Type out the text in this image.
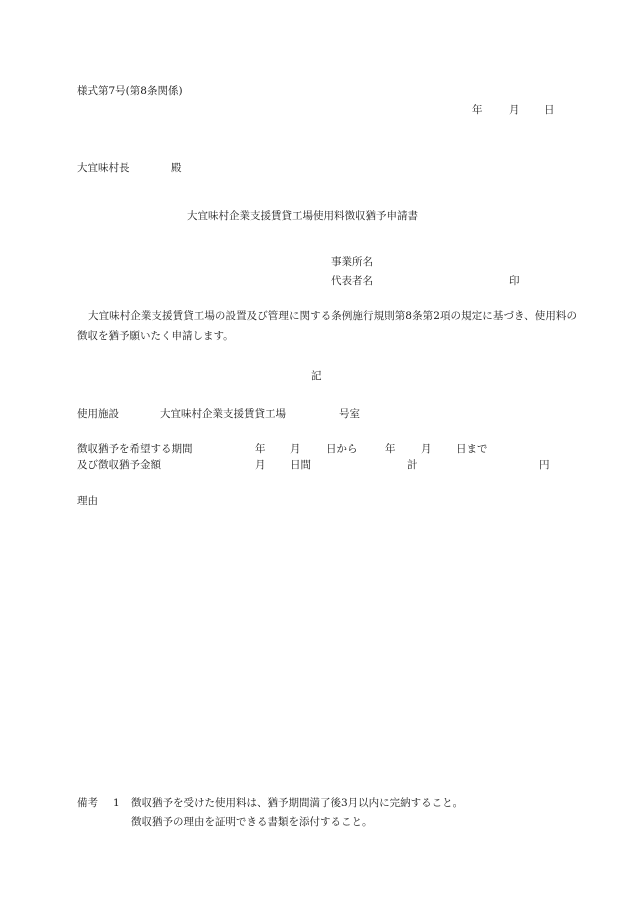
様式第7号(第8条関係)
年	月 日
大宜味村長	殿
大宜味村企業支援賃貸工場使用料徴収猶予申請書
事業所名
代表者名	印
大宜味村企業支援賃貸工場の設置及び管理に関する条例施行規則第8条第2項の規定に基づき、使用料の徴収を猶予願いたく申請します。
記
使用施設	大宜味村企業支援賃貸工場	号室
徴収猶予を希望する期間	年 月 日から	年 月 日まで
及び徴収猶予金額	月 日間	計	円
理由
備考 1 徴収猶予を受けた使用料は、猶予期間満了後3月以内に完納すること。
徴収猶予の理由を証明できる書類を添付すること。
